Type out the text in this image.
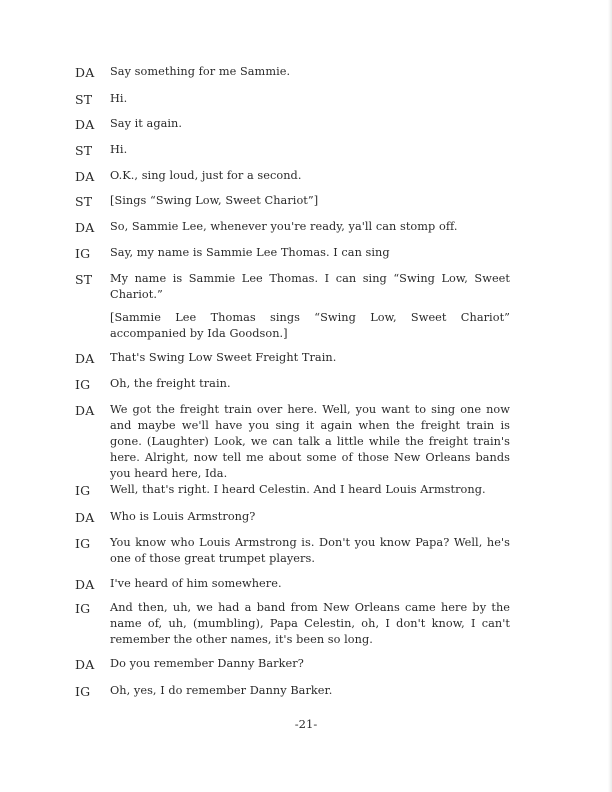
DA	Say something for me Sammie.
ST	Hi.
DA	Say it again.
ST	Hi.
DA	O.K., sing loud, just for a second.
ST	[Sings “Swing Low, Sweet Chariot”]
DA	So, Sammie Lee, whenever you're ready, ya'll can stomp off.
IG	Say, my name is Sammie Lee Thomas. I can sing
ST	My name is Sammie Lee Thomas. I can sing “Swing Low, Sweet Chariot.”
[Sammie Lee Thomas sings “Swing Low, Sweet Chariot” accompanied by Ida Goodson.]
DA	That's Swing Low Sweet Freight Train.
IG	Oh, the freight train.
DA	We got the freight train over here. Well, you want to sing one now and maybe we'll have you sing it again when the freight train is gone. (Laughter) Look, we can talk a little while the freight train's here. Alright, now tell me about some of those New Orleans bands you heard here, Ida.
IG	Well, that's right. I heard Celestin. And I heard Louis Armstrong.
DA	Who is Louis Armstrong?
IG	You know who Louis Armstrong is. Don't you know Papa? Well, he's one of those great trumpet players.
DA	I've heard of him somewhere.
IG	And then, uh, we had a band from New Orleans came here by the name of, uh, (mumbling), Papa Celestin, oh, I don't know, I can't remember the other names, it's been so long.
DA	Do you remember Danny Barker?
IG	Oh, yes, I do remember Danny Barker.
-21-
